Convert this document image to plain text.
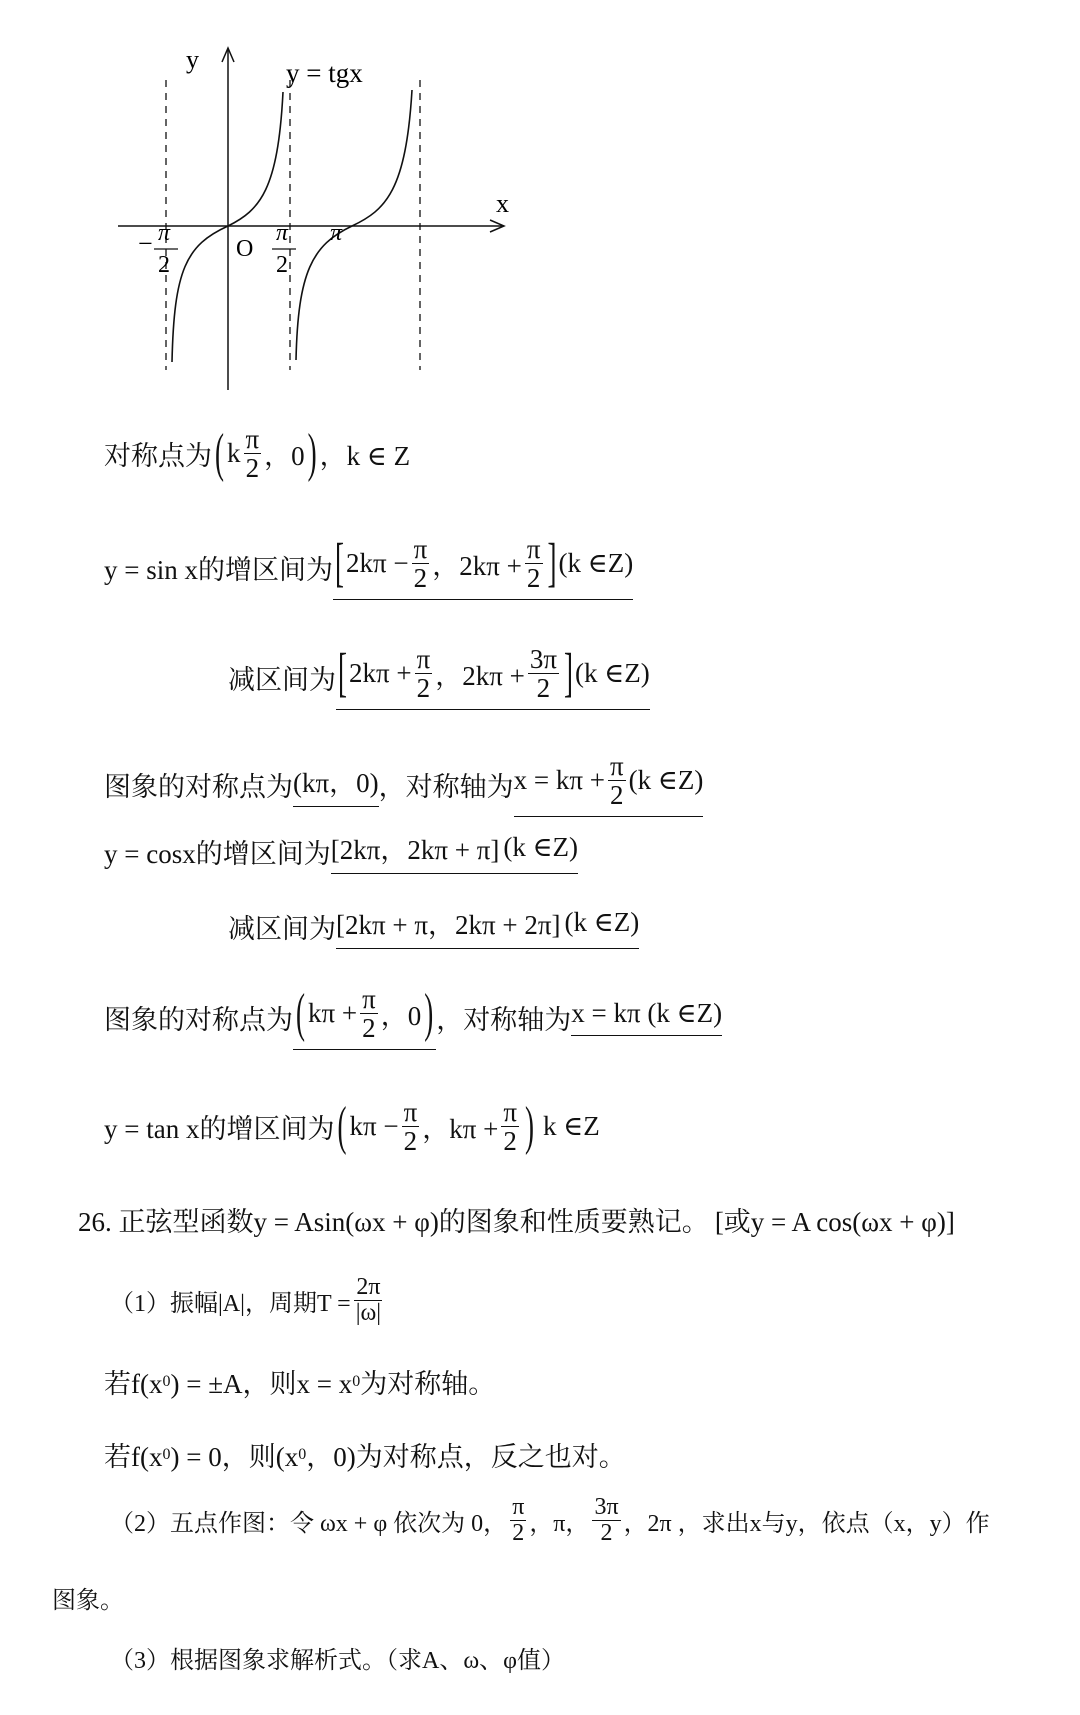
y
x
y = tgx
O
− π
2
π
2
π
对称点为 ( k $\frac{\pi}{2}$ ，0 ) ，k ∈ Z
y = sin x的增区间为 [ $2k\pi - \frac{\pi}{2}$ ，$2k\pi + \frac{\pi}{2}$ ] (k ∈Z)
减区间为 [ $2k\pi + \frac{\pi}{2}$ ，$2k\pi + \frac{3\pi}{2}$ ] (k ∈Z)
图象的对称点为 (kπ，0) ，对称轴为 $x = k\pi + \frac{\pi}{2} (k$ ∈Z)
y = cosx的增区间为 [2kπ，2kπ + π] (k ∈Z)
减区间为 [2kπ + π，2kπ + 2π] (k ∈Z)
图象的对称点为 ( $k\pi + \frac{\pi}{2}$ ，0 ) ，对称轴为 x = kπ (k ∈Z)
y = tan x的增区间为 ( $k\pi - \frac{\pi}{2}$ ，$k\pi + \frac{\pi}{2}$ ) k ∈Z
26. 正弦型函数y = Asin(ωx + φ)的图象和性质要熟记。 [或y = A cos(ωx + φ)]
（1）振幅|A|，周期$T = \frac{2\pi}{|\omega|}$
若f(x 0 ) = ±A，则x = x 0 为对称轴。
若f(x 0 ) = 0，则(x 0 ，0)为对称点，反之也对。
（2）五点作图：令 ωx + φ 依次为 0， $\frac{\pi}{2}$ ，π， $\frac{3\pi}{2}$ ，2π ，求出x与y，依点（x，y）作
图象。
（3）根据图象求解析式。（求A、ω、φ值）
